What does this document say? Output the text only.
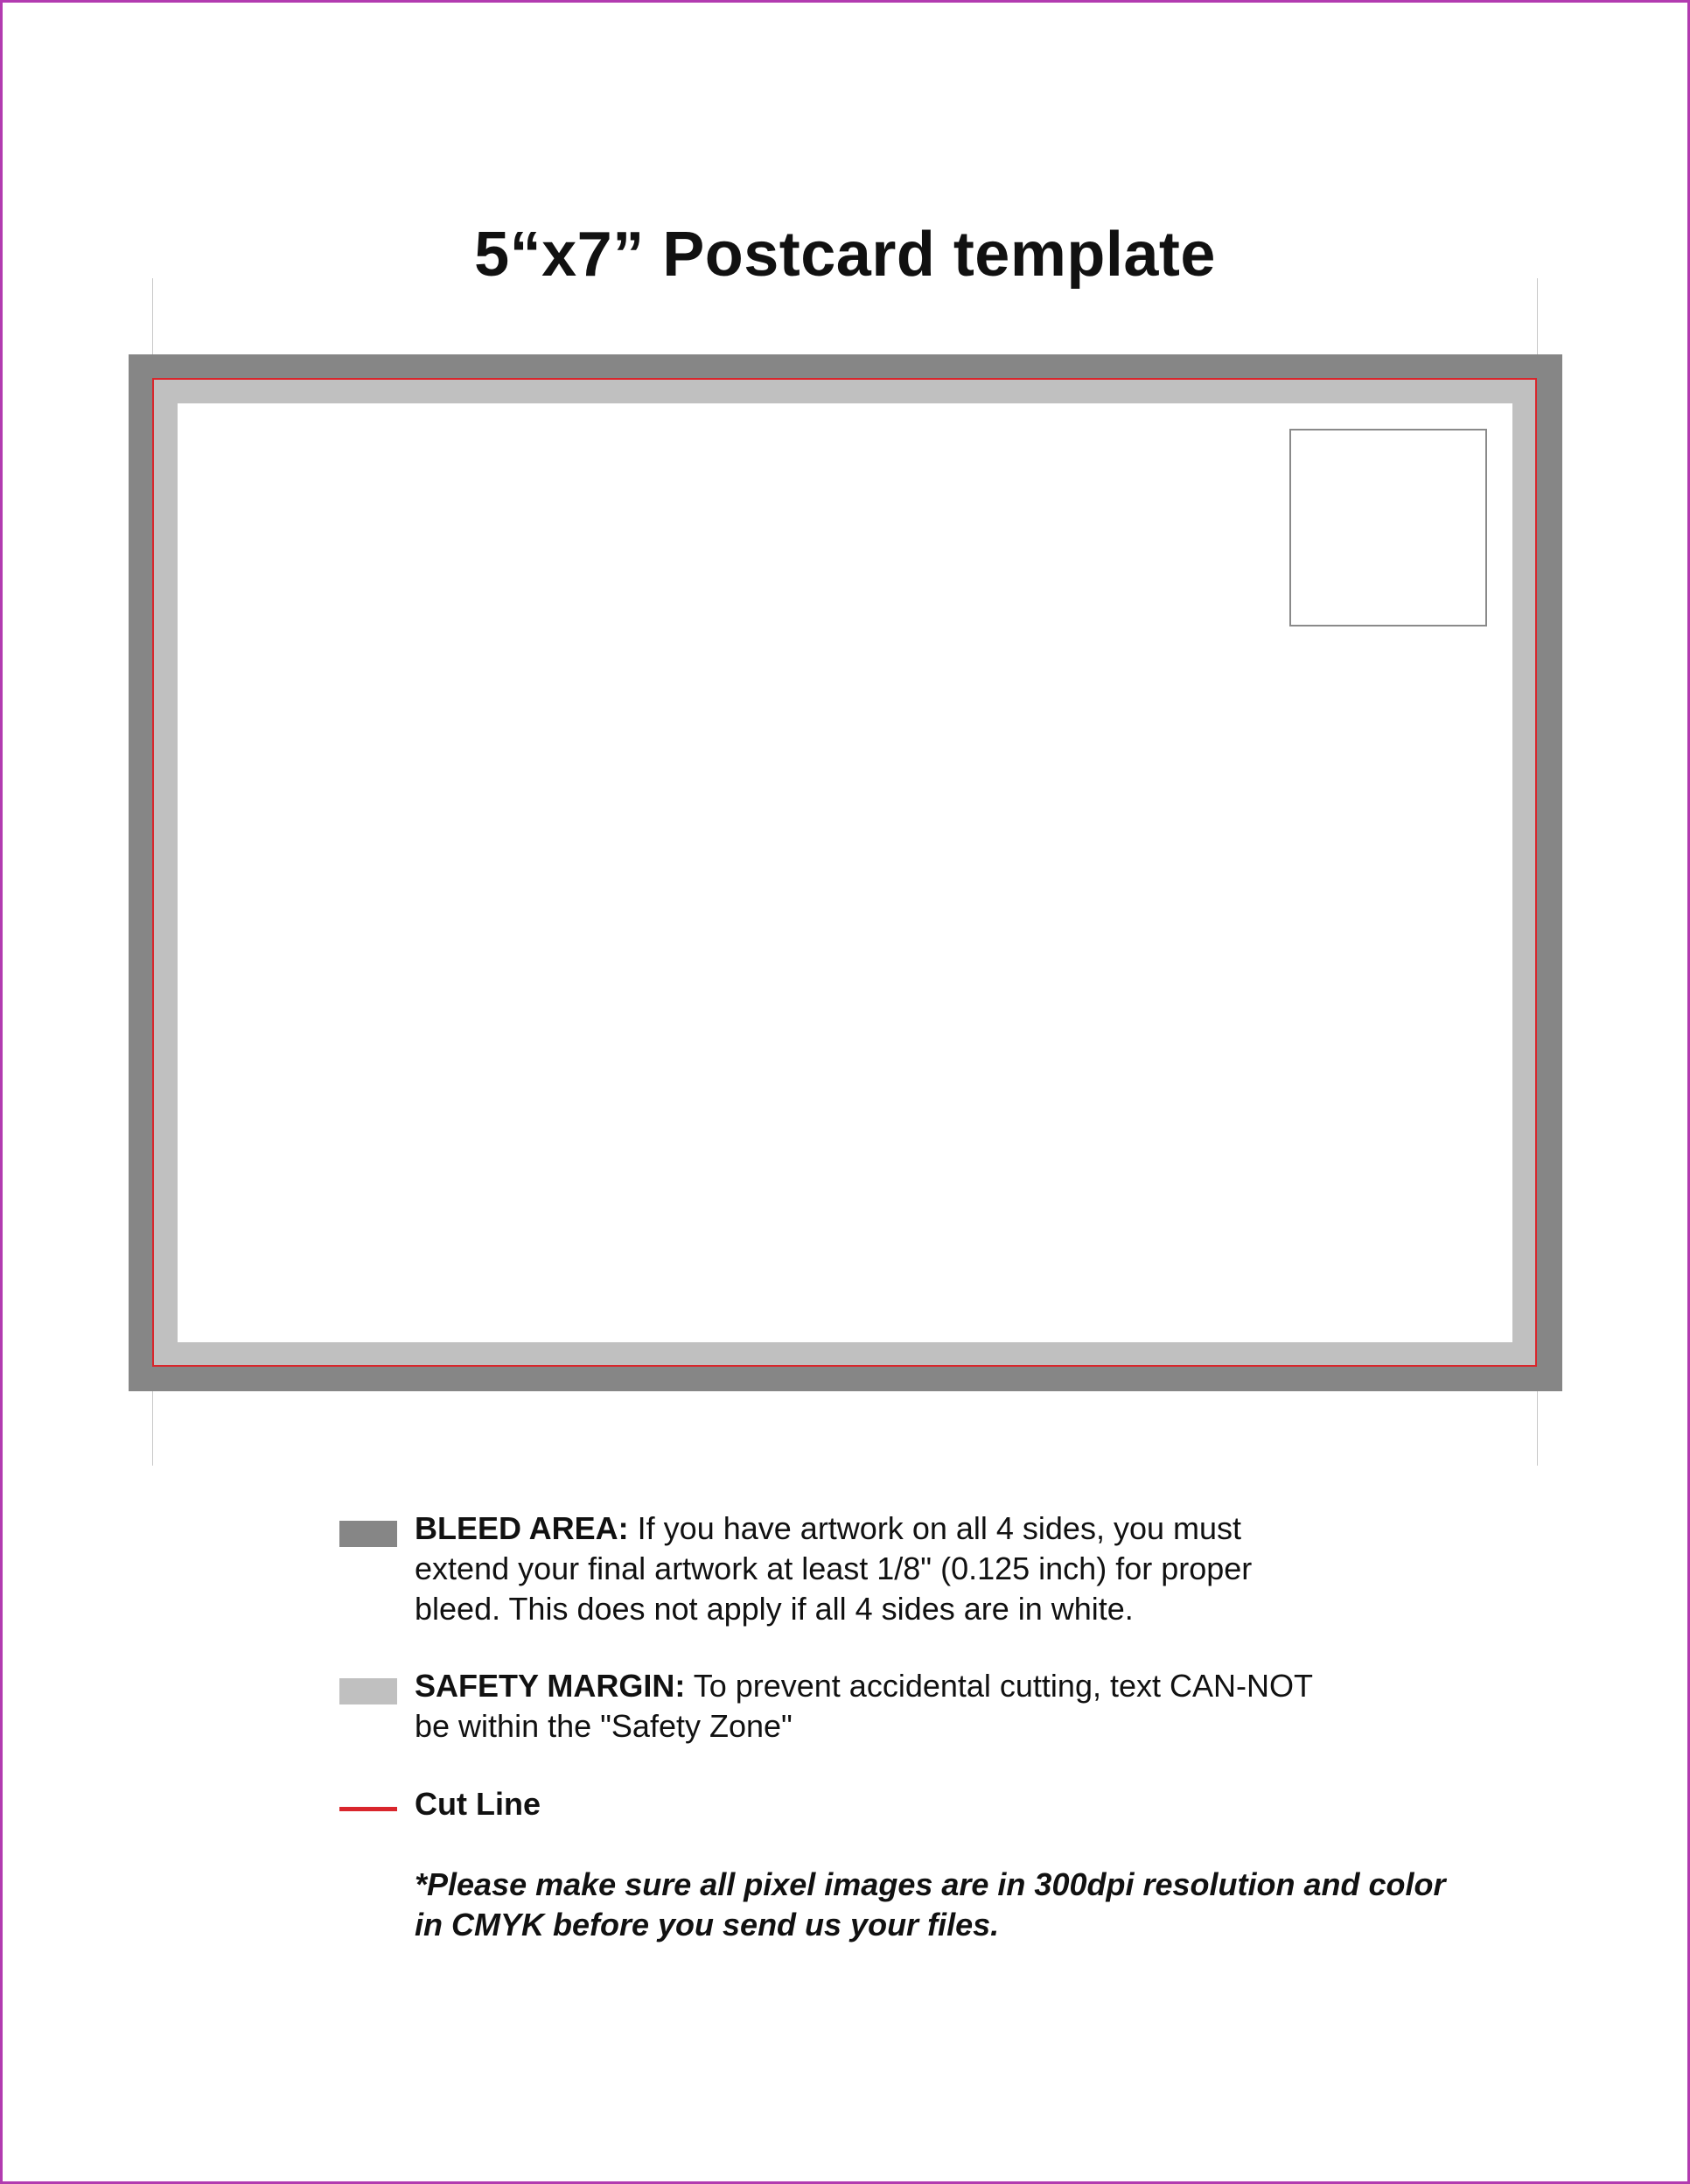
5“x7” Postcard template
BLEED AREA: If you have artwork on all 4 sides, you must extend your final artwork at least 1/8" (0.125 inch) for proper bleed. This does not apply if all 4 sides are in white.
SAFETY MARGIN: To prevent accidental cutting, text CAN-NOT be within the "Safety Zone"
Cut Line
*Please make sure all pixel images are in 300dpi resolution and color in CMYK before you send us your files.
